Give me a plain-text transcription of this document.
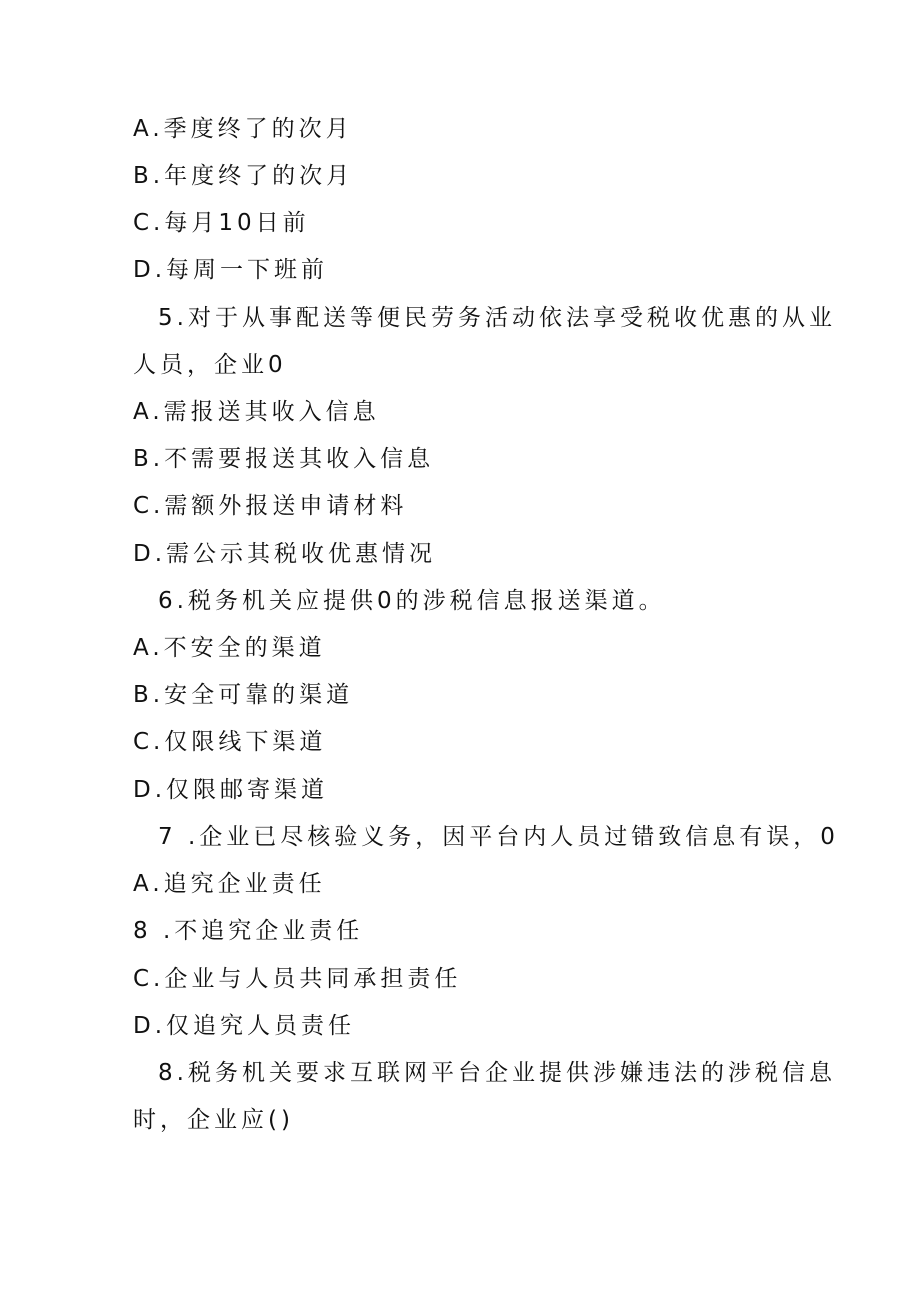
A.季度终了的次月
B.年度终了的次月
C.每月10日前
D.每周一下班前
5.对于从事配送等便民劳务活动依法享受税收优惠的从业
人员，企业0
A.需报送其收入信息
B.不需要报送其收入信息
C.需额外报送申请材料
D.需公示其税收优惠情况
6.税务机关应提供0的涉税信息报送渠道。
A.不安全的渠道
B.安全可靠的渠道
C.仅限线下渠道
D.仅限邮寄渠道
7 .企业已尽核验义务，因平台内人员过错致信息有误，0
A.追究企业责任
8 .不追究企业责任
C.企业与人员共同承担责任
D.仅追究人员责任
8.税务机关要求互联网平台企业提供涉嫌违法的涉税信息
时，企业应()
